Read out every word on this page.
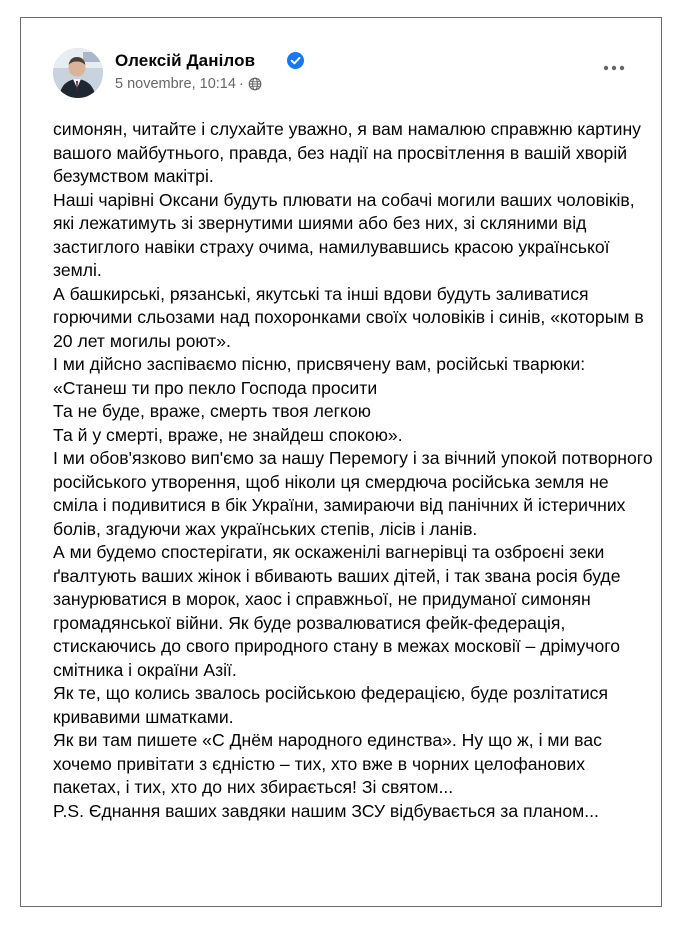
Олексій Данілов
5 novembre, 10:14 ·
симонян, читайте і слухайте уважно, я вам намалюю справжню картину вашого майбутнього, правда, без надії на просвітлення в вашій хворій безумством макітрі.
Наші чарівні Оксани будуть плювати на собачі могили ваших чоловіків, які лежатимуть зі звернутими шиями або без них, зі скляними від застиглого навіки страху очима, намилувавшись красою української землі.
А башкирські, рязанські, якутські та інші вдови будуть заливатися горючими сльозами над похоронками своїх чоловіків і синів, «которым в 20 лет могилы роют».
І ми дійсно заспіваємо пісню, присвячену вам, російські тварюки:
«Станеш ти про пекло Господа просити
Та не буде, враже, смерть твоя легкою
Та й у смерті, враже, не знайдеш спокою».
І ми обов'язково вип'ємо за нашу Перемогу і за вічний упокой потворного російського утворення, щоб ніколи ця смердюча російська земля не сміла і подивитися в бік України, замираючи від панічних й істеричних болів, згадуючи жах українських степів, лісів і ланів.
А ми будемо спостерігати, як оскаженілі вагнерівці та озброєні зеки ґвалтують ваших жінок і вбивають ваших дітей, і так звана росія буде занурюватися в морок, хаос і справжньої, не придуманої симонян громадянської війни. Як буде розвалюватися фейк-федерація, стискаючись до свого природного стану в межах московії – дрімучого смітника і окраїни Азії.
Як те, що колись звалось російською федерацією, буде розлітатися кривавими шматками.
Як ви там пишете «С Днём народного единства». Ну що ж, і ми вас хочемо привітати з єдністю – тих, хто вже в чорних целофанових пакетах, і тих, хто до них збирається! Зі святом...
P.S. Єднання ваших завдяки нашим ЗСУ відбувається за планом...
